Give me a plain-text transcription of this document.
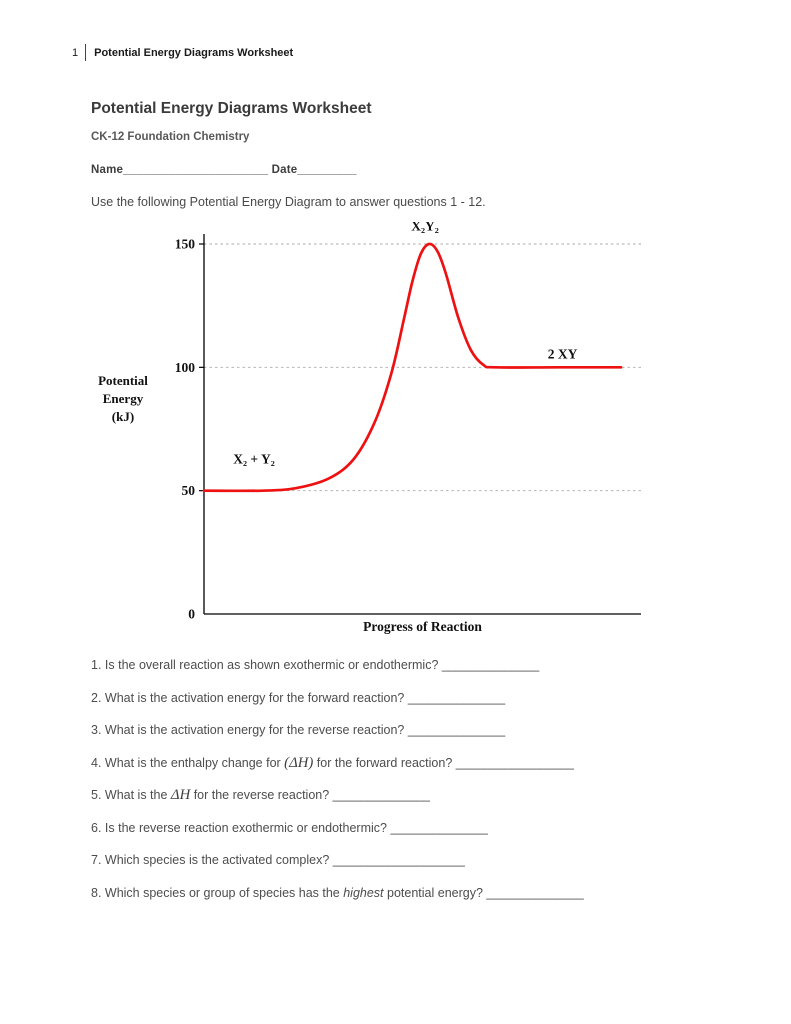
1 Potential Energy Diagrams Worksheet
Potential Energy Diagrams Worksheet
CK-12 Foundation Chemistry

Name______________________ Date_________

Use the following Potential Energy Diagram to answer questions 1 - 12.

0
50
100
150
Potential
Energy
(kJ)
Progress of Reaction
X₂Y₂
2 XY
X₂ + Y₂

1. Is the overall reaction as shown exothermic or endothermic? ______________

2. What is the activation energy for the forward reaction? ______________

3. What is the activation energy for the reverse reaction? ______________

4. What is the enthalpy change for (ΔH) for the forward reaction? _________________

5. What is the ΔH for the reverse reaction? ______________

6. Is the reverse reaction exothermic or endothermic? ______________

7. Which species is the activated complex? ___________________

8. Which species or group of species has the highest potential energy? ______________
